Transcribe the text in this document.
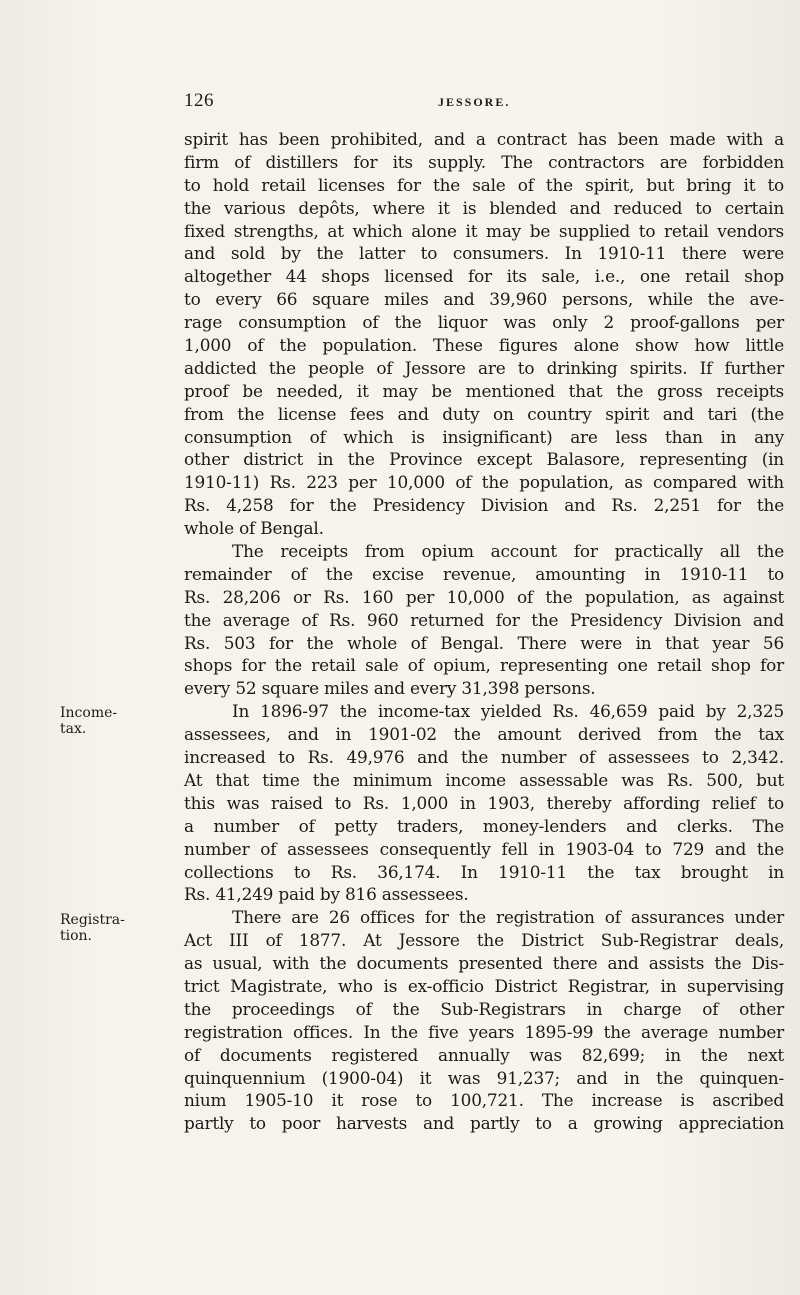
126	JESSORE.
Income-
tax.
Registra-
tion.
spirit has been prohibited, and a contract has been made with a
firm of distillers for its supply. The contractors are forbidden
to hold retail licenses for the sale of the spirit, but bring it to
the various depôts, where it is blended and reduced to certain
fixed strengths, at which alone it may be supplied to retail vendors
and sold by the latter to consumers. In 1910-11 there were
altogether 44 shops licensed for its sale, i.e., one retail shop
to every 66 square miles and 39,960 persons, while the ave-
rage consumption of the liquor was only 2 proof-gallons per
1,000 of the population. These figures alone show how little
addicted the people of Jessore are to drinking spirits. If further
proof be needed, it may be mentioned that the gross receipts
from the license fees and duty on country spirit and tari (the
consumption of which is insignificant) are less than in any
other district in the Province except Balasore, representing (in
1910-11) Rs. 223 per 10,000 of the population, as compared with
Rs. 4,258 for the Presidency Division and Rs. 2,251 for the
whole of Bengal.
The receipts from opium account for practically all the
remainder of the excise revenue, amounting in 1910-11 to
Rs. 28,206 or Rs. 160 per 10,000 of the population, as against
the average of Rs. 960 returned for the Presidency Division and
Rs. 503 for the whole of Bengal. There were in that year 56
shops for the retail sale of opium, representing one retail shop for
every 52 square miles and every 31,398 persons.
In 1896-97 the income-tax yielded Rs. 46,659 paid by 2,325
assessees, and in 1901-02 the amount derived from the tax
increased to Rs. 49,976 and the number of assessees to 2,342.
At that time the minimum income assessable was Rs. 500, but
this was raised to Rs. 1,000 in 1903, thereby affording relief to
a number of petty traders, money-lenders and clerks. The
number of assessees consequently fell in 1903-04 to 729 and the
collections to Rs. 36,174. In 1910-11 the tax brought in
Rs. 41,249 paid by 816 assessees.
There are 26 offices for the registration of assurances under
Act III of 1877. At Jessore the District Sub-Registrar deals,
as usual, with the documents presented there and assists the Dis-
trict Magistrate, who is ex-officio District Registrar, in supervising
the proceedings of the Sub-Registrars in charge of other
registration offices. In the five years 1895-99 the average number
of documents registered annually was 82,699; in the next
quinquennium (1900-04) it was 91,237; and in the quinquen-
nium 1905-10 it rose to 100,721. The increase is ascribed
partly to poor harvests and partly to a growing appreciation
